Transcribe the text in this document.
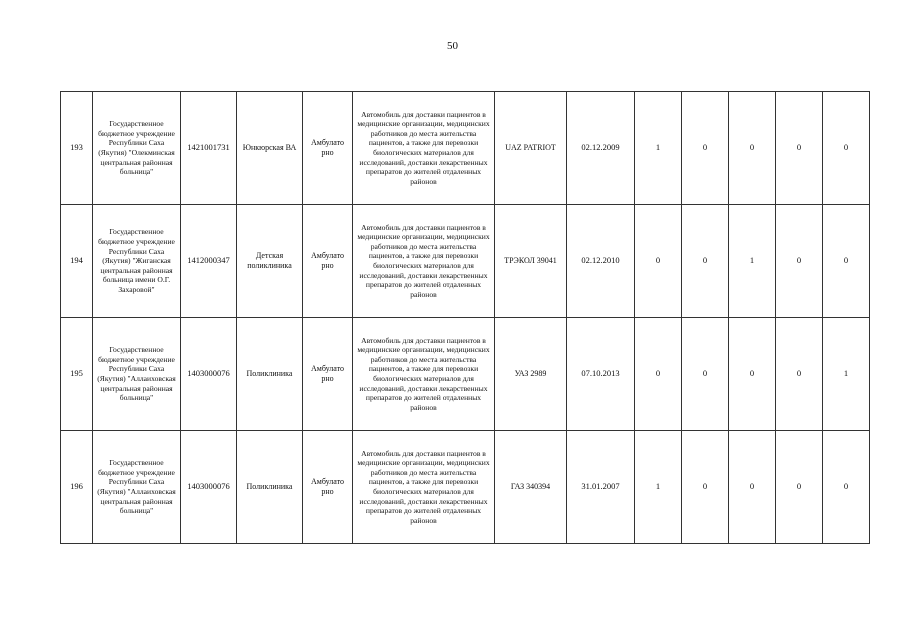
50
193	Государственное бюджетное учреждение Республики Саха (Якутия) "Олекминская центральная районная больница"	1421001731	Юнкюрская ВА	Амбулато рно	Автомобиль для доставки пациентов в медицинские организации, медицинских работников до места жительства пациентов, а также для перевозки биологических материалов для исследований, доставки лекарственных препаратов до жителей отдаленных районов	UAZ PATRIOT	02.12.2009	1	0	0	0	0
194	Государственное бюджетное учреждение Республики Саха (Якутия) "Жиганская центральная районная больница имени О.Г. Захаровой"	1412000347	Детская поликлиника	Амбулато рно	Автомобиль для доставки пациентов в медицинские организации, медицинских работников до места жительства пациентов, а также для перевозки биологических материалов для исследований, доставки лекарственных препаратов до жителей отдаленных районов	ТРЭКОЛ 39041	02.12.2010	0	0	1	0	0
195	Государственное бюджетное учреждение Республики Саха (Якутия) "Аллаиховская центральная районная больница"	1403000076	Поликлиника	Амбулато рно	Автомобиль для доставки пациентов в медицинские организации, медицинских работников до места жительства пациентов, а также для перевозки биологических материалов для исследований, доставки лекарственных препаратов до жителей отдаленных районов	УАЗ 2989	07.10.2013	0	0	0	0	1
196	Государственное бюджетное учреждение Республики Саха (Якутия) "Аллаиховская центральная районная больница"	1403000076	Поликлиника	Амбулато рно	Автомобиль для доставки пациентов в медицинские организации, медицинских работников до места жительства пациентов, а также для перевозки биологических материалов для исследований, доставки лекарственных препаратов до жителей отдаленных районов	ГАЗ 340394	31.01.2007	1	0	0	0	0
